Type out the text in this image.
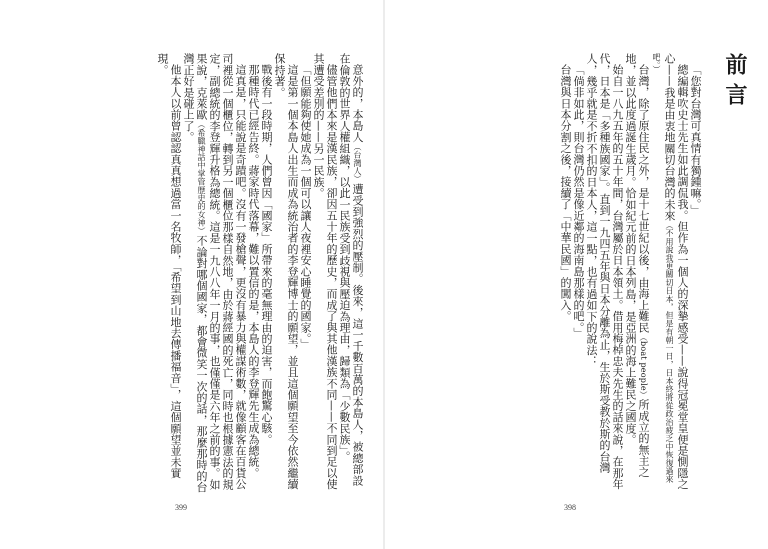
意外的，本島人（台灣人）遭受到強烈的壓制。後來，這一千數百萬的本島人，被總部設在倫敦的世界人權組織，以此一民族受到歧視與壓迫為理由，歸類為「少數民族」。

儘管他們本來是漢民族，卻因五十年的歷史，而成了與其他漢族不同——不同到足以使其遭受差別的——另一民族。

「但願能夠使她成為一個可以讓人夜裡安心睡覺的國家。」

這是第一個本島人出生而成為統治者的李登輝博士的願望，並且這個願望至今依然繼續保持著。

戰後有一段時期，人們曾因「國家」所帶來的毫無理由的迫害，而飽驚心駭。

那種時代已經告終。蔣家時代落幕，難以置信的是，本島人的李登輝先生成為總統。

這真是，只能說是奇蹟吧。沒有一發槍聲，更沒有暴力與權謀術數，就像顧客在百貨公司裡從一個櫃位，轉到另一個櫃位那樣自然地，由於蔣經國的死亡，同時也根據憲法的規定，副總統的李登輝升格為總統。這是一九八八年一月的事，也僅僅是六年之前的事。如果說，克萊歐（希臘神話中掌管歷史的女神）不論對哪個國家，都會微笑一次的話，那麼那時的台灣正好是碰上了。

他本人以前曾認認真真想過當一名牧師，「希望到山地去傳播福音」，這個願望並未實現。

399
前言

「您對台灣可真情有獨鍾嘛。」

總編輯吹史士先生如此調侃我。但作為一個人的深摯感受——說得冠冕堂皇便是惻隱之心——我是由衷地關切台灣的未來（不用說我更關切日本，但是有朝一日，日本終將從政治疲乏中恢復過來吧。）

台灣，除了原住民之外，是十七世紀以後，由海上難民（boat people）所成立的無主之地，並以此度過誕生歲月。恰如紀元前的日本列島，是亞洲的海上難民之國度。

始自一八九五年的五十年間，台灣屬於日本領土。借用梅棹忠夫先生的話來說，在那年代，日本是「多種族國家」。直到一九四五年與日本分離為止，生於斯受教於斯的台灣人，幾乎就是不折不扣的日本人，這一點，也有過如下的說法：

「倘非如此，則台灣仍然是像近鄰的海南島那樣的吧。」

台灣與日本分割之後，接續了「中華民國」的闖入。

398
